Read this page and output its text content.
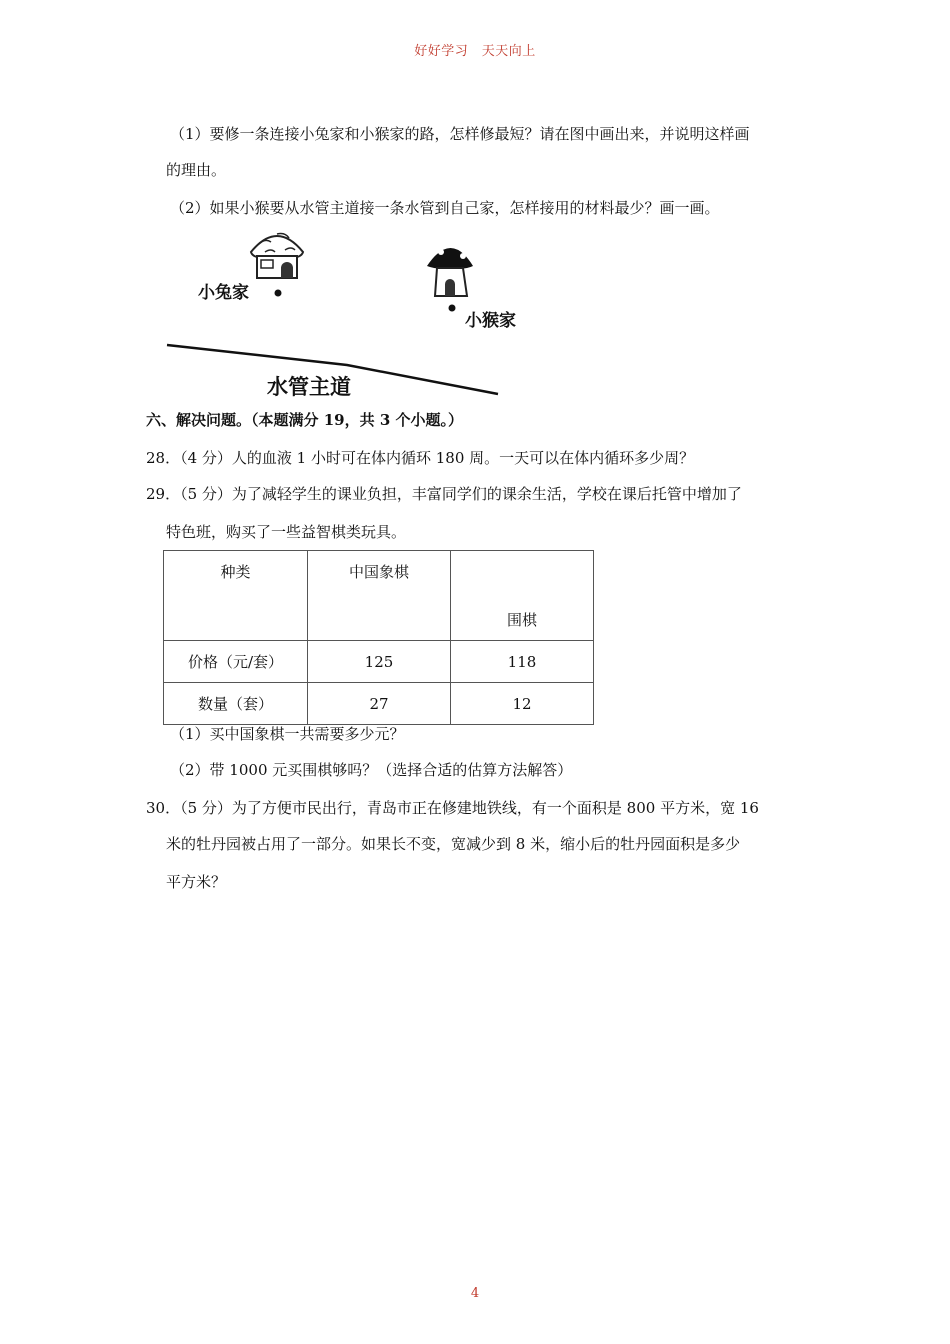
好好学习　天天向上
（1）要修一条连接小兔家和小猴家的路，怎样修最短？请在图中画出来，并说明这样画
的理由。
（2）如果小猴要从水管主道接一条水管到自己家，怎样接用的材料最少？画一画。
小兔家
小猴家
水管主道
六、解决问题。（本题满分 19，共 3 个小题。）
28．（4 分）人的血液 1 小时可在体内循环 180 周。一天可以在体内循环多少周？
29．（5 分）为了减轻学生的课业负担，丰富同学们的课余生活，学校在课后托管中增加了
特色班，购买了一些益智棋类玩具。
种类	中国象棋	围棋
价格（元/套）	125	118
数量（套）	27	12
（1）买中国象棋一共需要多少元？
（2）带 1000 元买围棋够吗？（选择合适的估算方法解答）
30．（5 分）为了方便市民出行，青岛市正在修建地铁线，有一个面积是 800 平方米，宽 16
米的牡丹园被占用了一部分。如果长不变，宽减少到 8 米，缩小后的牡丹园面积是多少
平方米？
4
